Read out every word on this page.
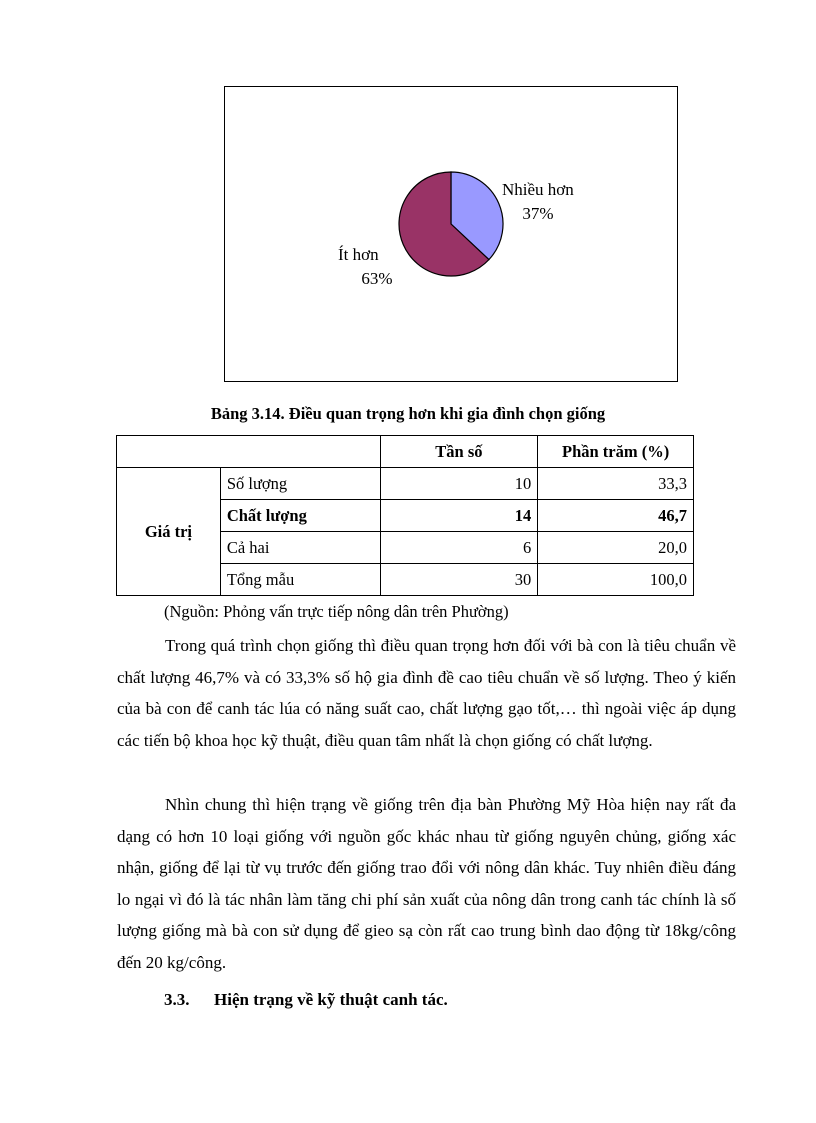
Nhiều hơn
37%
Ít hơn
63%
Bảng 3.14. Điều quan trọng hơn khi gia đình chọn giống
		Tần số	Phần trăm (%)
Giá trị	Số lượng	10	33,3
	Chất lượng	14	46,7
	Cả hai	6	20,0
	Tổng mẫu	30	100,0
(Nguồn: Phỏng vấn trực tiếp nông dân trên Phường)

Trong quá trình chọn giống thì điều quan trọng hơn đối với bà con là tiêu chuẩn về chất lượng 46,7% và có 33,3% số hộ gia đình đề cao tiêu chuẩn về số lượng. Theo ý kiến của bà con để canh tác lúa có năng suất cao, chất lượng gạo tốt,… thì ngoài việc áp dụng các tiến bộ khoa học kỹ thuật, điều quan tâm nhất là chọn giống có chất lượng.

Nhìn chung thì hiện trạng về giống trên địa bàn Phường Mỹ Hòa hiện nay rất đa dạng có hơn 10 loại giống với nguồn gốc khác nhau từ giống nguyên chủng, giống xác nhận, giống để lại từ vụ trước đến giống trao đổi với nông dân khác. Tuy nhiên điều đáng lo ngại vì đó là tác nhân làm tăng chi phí sản xuất của nông dân trong canh tác chính là số lượng giống mà bà con sử dụng để gieo sạ còn rất cao trung bình dao động từ 18kg/công đến 20 kg/công.

3.3. Hiện trạng về kỹ thuật canh tác.
